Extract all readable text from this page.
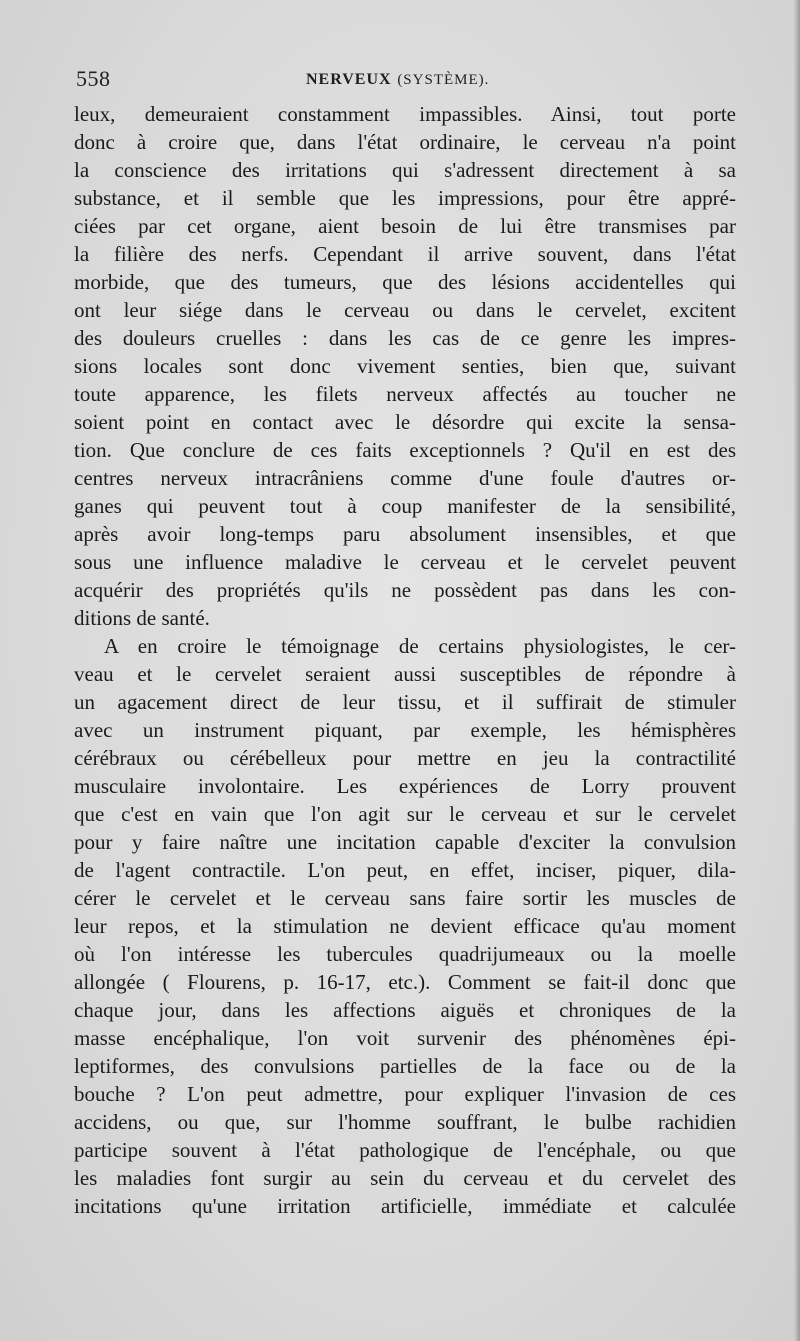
558	NERVEUX (SYSTÈME).
leux, demeuraient constamment impassibles. Ainsi, tout porte
donc à croire que, dans l'état ordinaire, le cerveau n'a point
la conscience des irritations qui s'adressent directement à sa
substance, et il semble que les impressions, pour être appré-
ciées par cet organe, aient besoin de lui être transmises par
la filière des nerfs. Cependant il arrive souvent, dans l'état
morbide, que des tumeurs, que des lésions accidentelles qui
ont leur siége dans le cerveau ou dans le cervelet, excitent
des douleurs cruelles : dans les cas de ce genre les impres-
sions locales sont donc vivement senties, bien que, suivant
toute apparence, les filets nerveux affectés au toucher ne
soient point en contact avec le désordre qui excite la sensa-
tion. Que conclure de ces faits exceptionnels ? Qu'il en est des
centres nerveux intracrâniens comme d'une foule d'autres or-
ganes qui peuvent tout à coup manifester de la sensibilité,
après avoir long-temps paru absolument insensibles, et que
sous une influence maladive le cerveau et le cervelet peuvent
acquérir des propriétés qu'ils ne possèdent pas dans les con-
ditions de santé.
A en croire le témoignage de certains physiologistes, le cer-
veau et le cervelet seraient aussi susceptibles de répondre à
un agacement direct de leur tissu, et il suffirait de stimuler
avec un instrument piquant, par exemple, les hémisphères
cérébraux ou cérébelleux pour mettre en jeu la contractilité
musculaire involontaire. Les expériences de Lorry prouvent
que c'est en vain que l'on agit sur le cerveau et sur le cervelet
pour y faire naître une incitation capable d'exciter la convulsion
de l'agent contractile. L'on peut, en effet, inciser, piquer, dila-
cérer le cervelet et le cerveau sans faire sortir les muscles de
leur repos, et la stimulation ne devient efficace qu'au moment
où l'on intéresse les tubercules quadrijumeaux ou la moelle
allongée ( Flourens, p. 16-17, etc.). Comment se fait-il donc que
chaque jour, dans les affections aiguës et chroniques de la
masse encéphalique, l'on voit survenir des phénomènes épi-
leptiformes, des convulsions partielles de la face ou de la
bouche ? L'on peut admettre, pour expliquer l'invasion de ces
accidens, ou que, sur l'homme souffrant, le bulbe rachidien
participe souvent à l'état pathologique de l'encéphale, ou que
les maladies font surgir au sein du cerveau et du cervelet des
incitations qu'une irritation artificielle, immédiate et calculée
